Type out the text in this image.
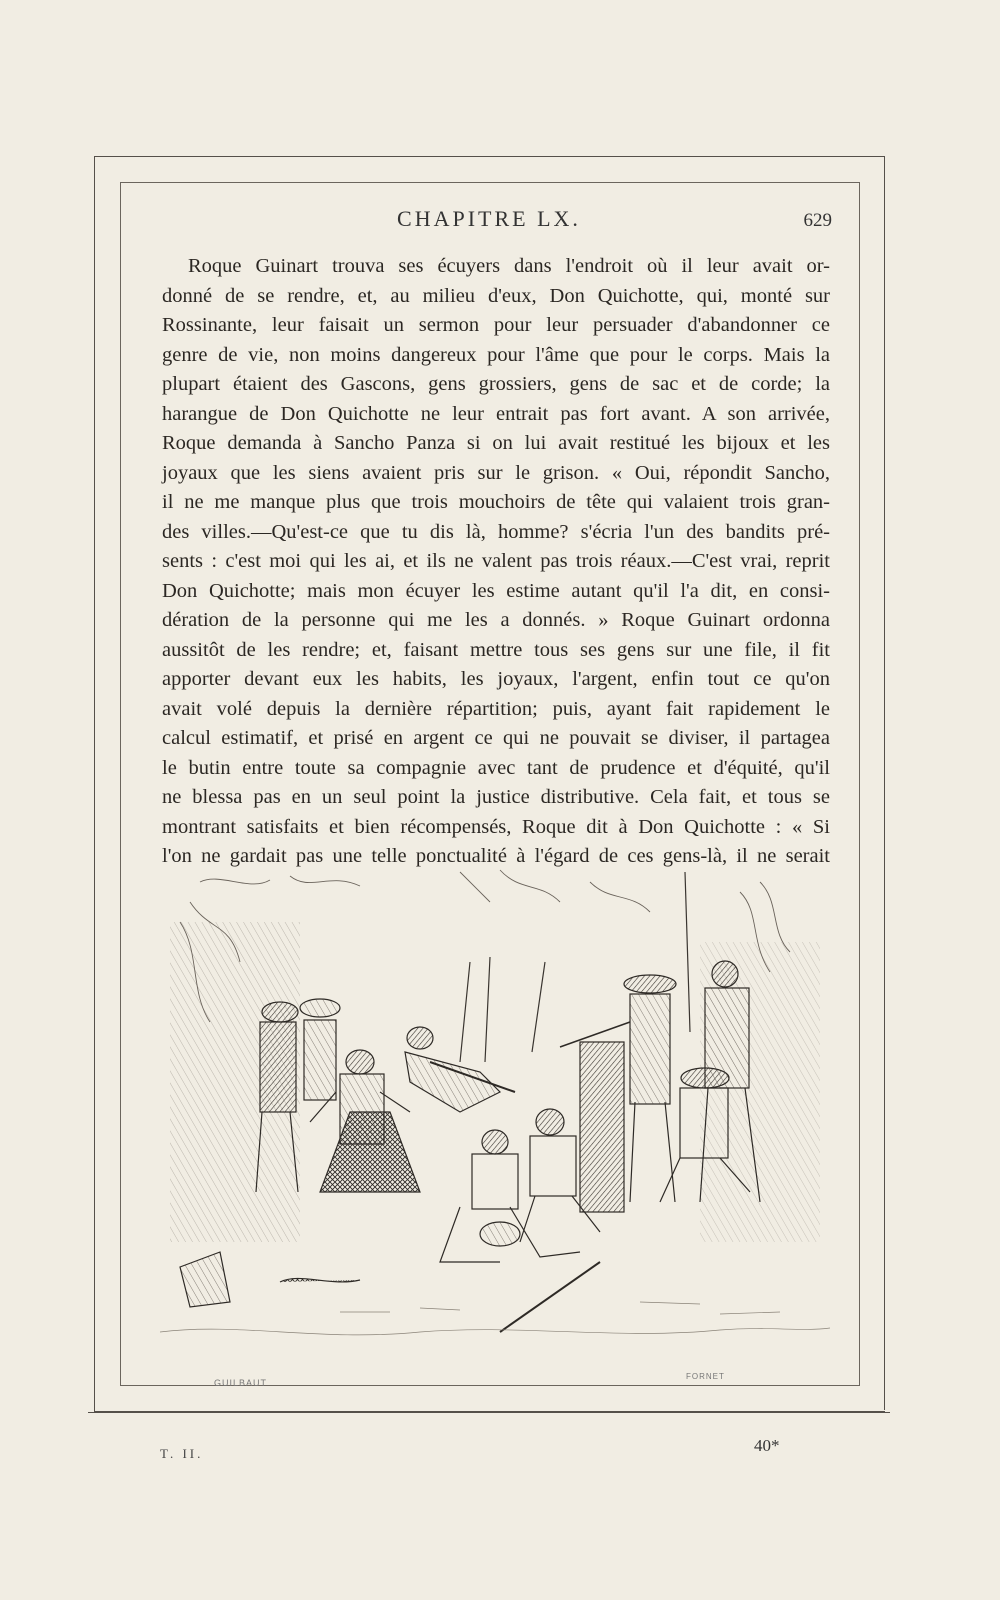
CHAPITRE LX.	629
Roque Guinart trouva ses écuyers dans l'endroit où il leur avait or-
donné de se rendre, et, au milieu d'eux, Don Quichotte, qui, monté sur
Rossinante, leur faisait un sermon pour leur persuader d'abandonner ce
genre de vie, non moins dangereux pour l'âme que pour le corps. Mais la
plupart étaient des Gascons, gens grossiers, gens de sac et de corde; la
harangue de Don Quichotte ne leur entrait pas fort avant. A son arrivée,
Roque demanda à Sancho Panza si on lui avait restitué les bijoux et les
joyaux que les siens avaient pris sur le grison. « Oui, répondit Sancho,
il ne me manque plus que trois mouchoirs de tête qui valaient trois gran-
des villes.—Qu'est-ce que tu dis là, homme? s'écria l'un des bandits pré-
sents : c'est moi qui les ai, et ils ne valent pas trois réaux.—C'est vrai, reprit
Don Quichotte; mais mon écuyer les estime autant qu'il l'a dit, en consi-
dération de la personne qui me les a donnés. » Roque Guinart ordonna
aussitôt de les rendre; et, faisant mettre tous ses gens sur une file, il fit
apporter devant eux les habits, les joyaux, l'argent, enfin tout ce qu'on
avait volé depuis la dernière répartition; puis, ayant fait rapidement le
calcul estimatif, et prisé en argent ce qui ne pouvait se diviser, il partagea
le butin entre toute sa compagnie avec tant de prudence et d'équité, qu'il
ne blessa pas en un seul point la justice distributive. Cela fait, et tous se
montrant satisfaits et bien récompensés, Roque dit à Don Quichotte : « Si
l'on ne gardait pas une telle ponctualité à l'égard de ces gens-là, il ne serait
GUILBAUT
FORNET
T. II.	40*
